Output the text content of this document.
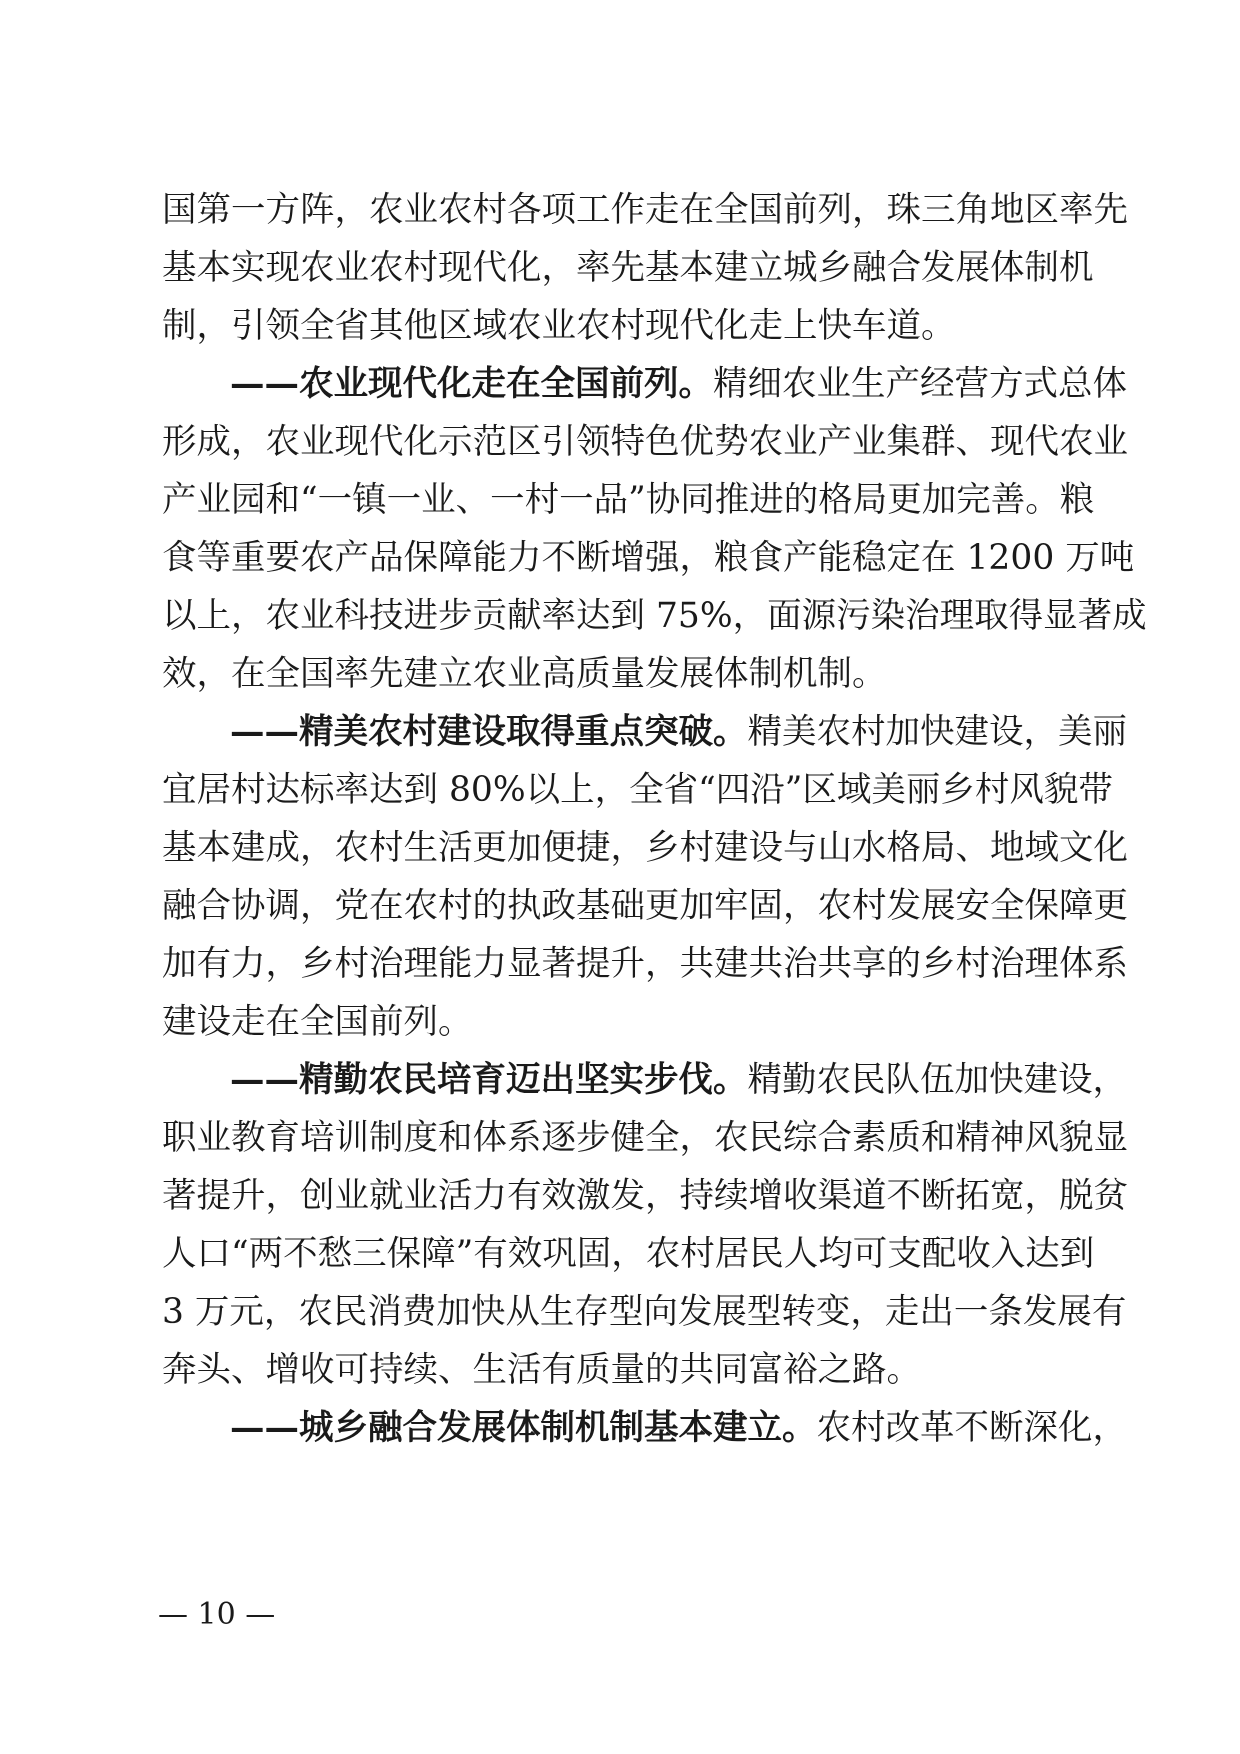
国第一方阵，农业农村各项工作走在全国前列，珠三角地区率先
基本实现农业农村现代化，率先基本建立城乡融合发展体制机
制，引领全省其他区域农业农村现代化走上快车道。
——农业现代化走在全国前列。精细农业生产经营方式总体
形成，农业现代化示范区引领特色优势农业产业集群、现代农业
产业园和“一镇一业、一村一品”协同推进的格局更加完善。粮
食等重要农产品保障能力不断增强，粮食产能稳定在 1200 万吨
以上，农业科技进步贡献率达到 75%，面源污染治理取得显著成
效，在全国率先建立农业高质量发展体制机制。
——精美农村建设取得重点突破。精美农村加快建设，美丽
宜居村达标率达到 80%以上，全省“四沿”区域美丽乡村风貌带
基本建成，农村生活更加便捷，乡村建设与山水格局、地域文化
融合协调，党在农村的执政基础更加牢固，农村发展安全保障更
加有力，乡村治理能力显著提升，共建共治共享的乡村治理体系
建设走在全国前列。
——精勤农民培育迈出坚实步伐。精勤农民队伍加快建设，
职业教育培训制度和体系逐步健全，农民综合素质和精神风貌显
著提升，创业就业活力有效激发，持续增收渠道不断拓宽，脱贫
人口“两不愁三保障”有效巩固，农村居民人均可支配收入达到
3 万元，农民消费加快从生存型向发展型转变，走出一条发展有
奔头、增收可持续、生活有质量的共同富裕之路。
——城乡融合发展体制机制基本建立。农村改革不断深化，
— 10 —
